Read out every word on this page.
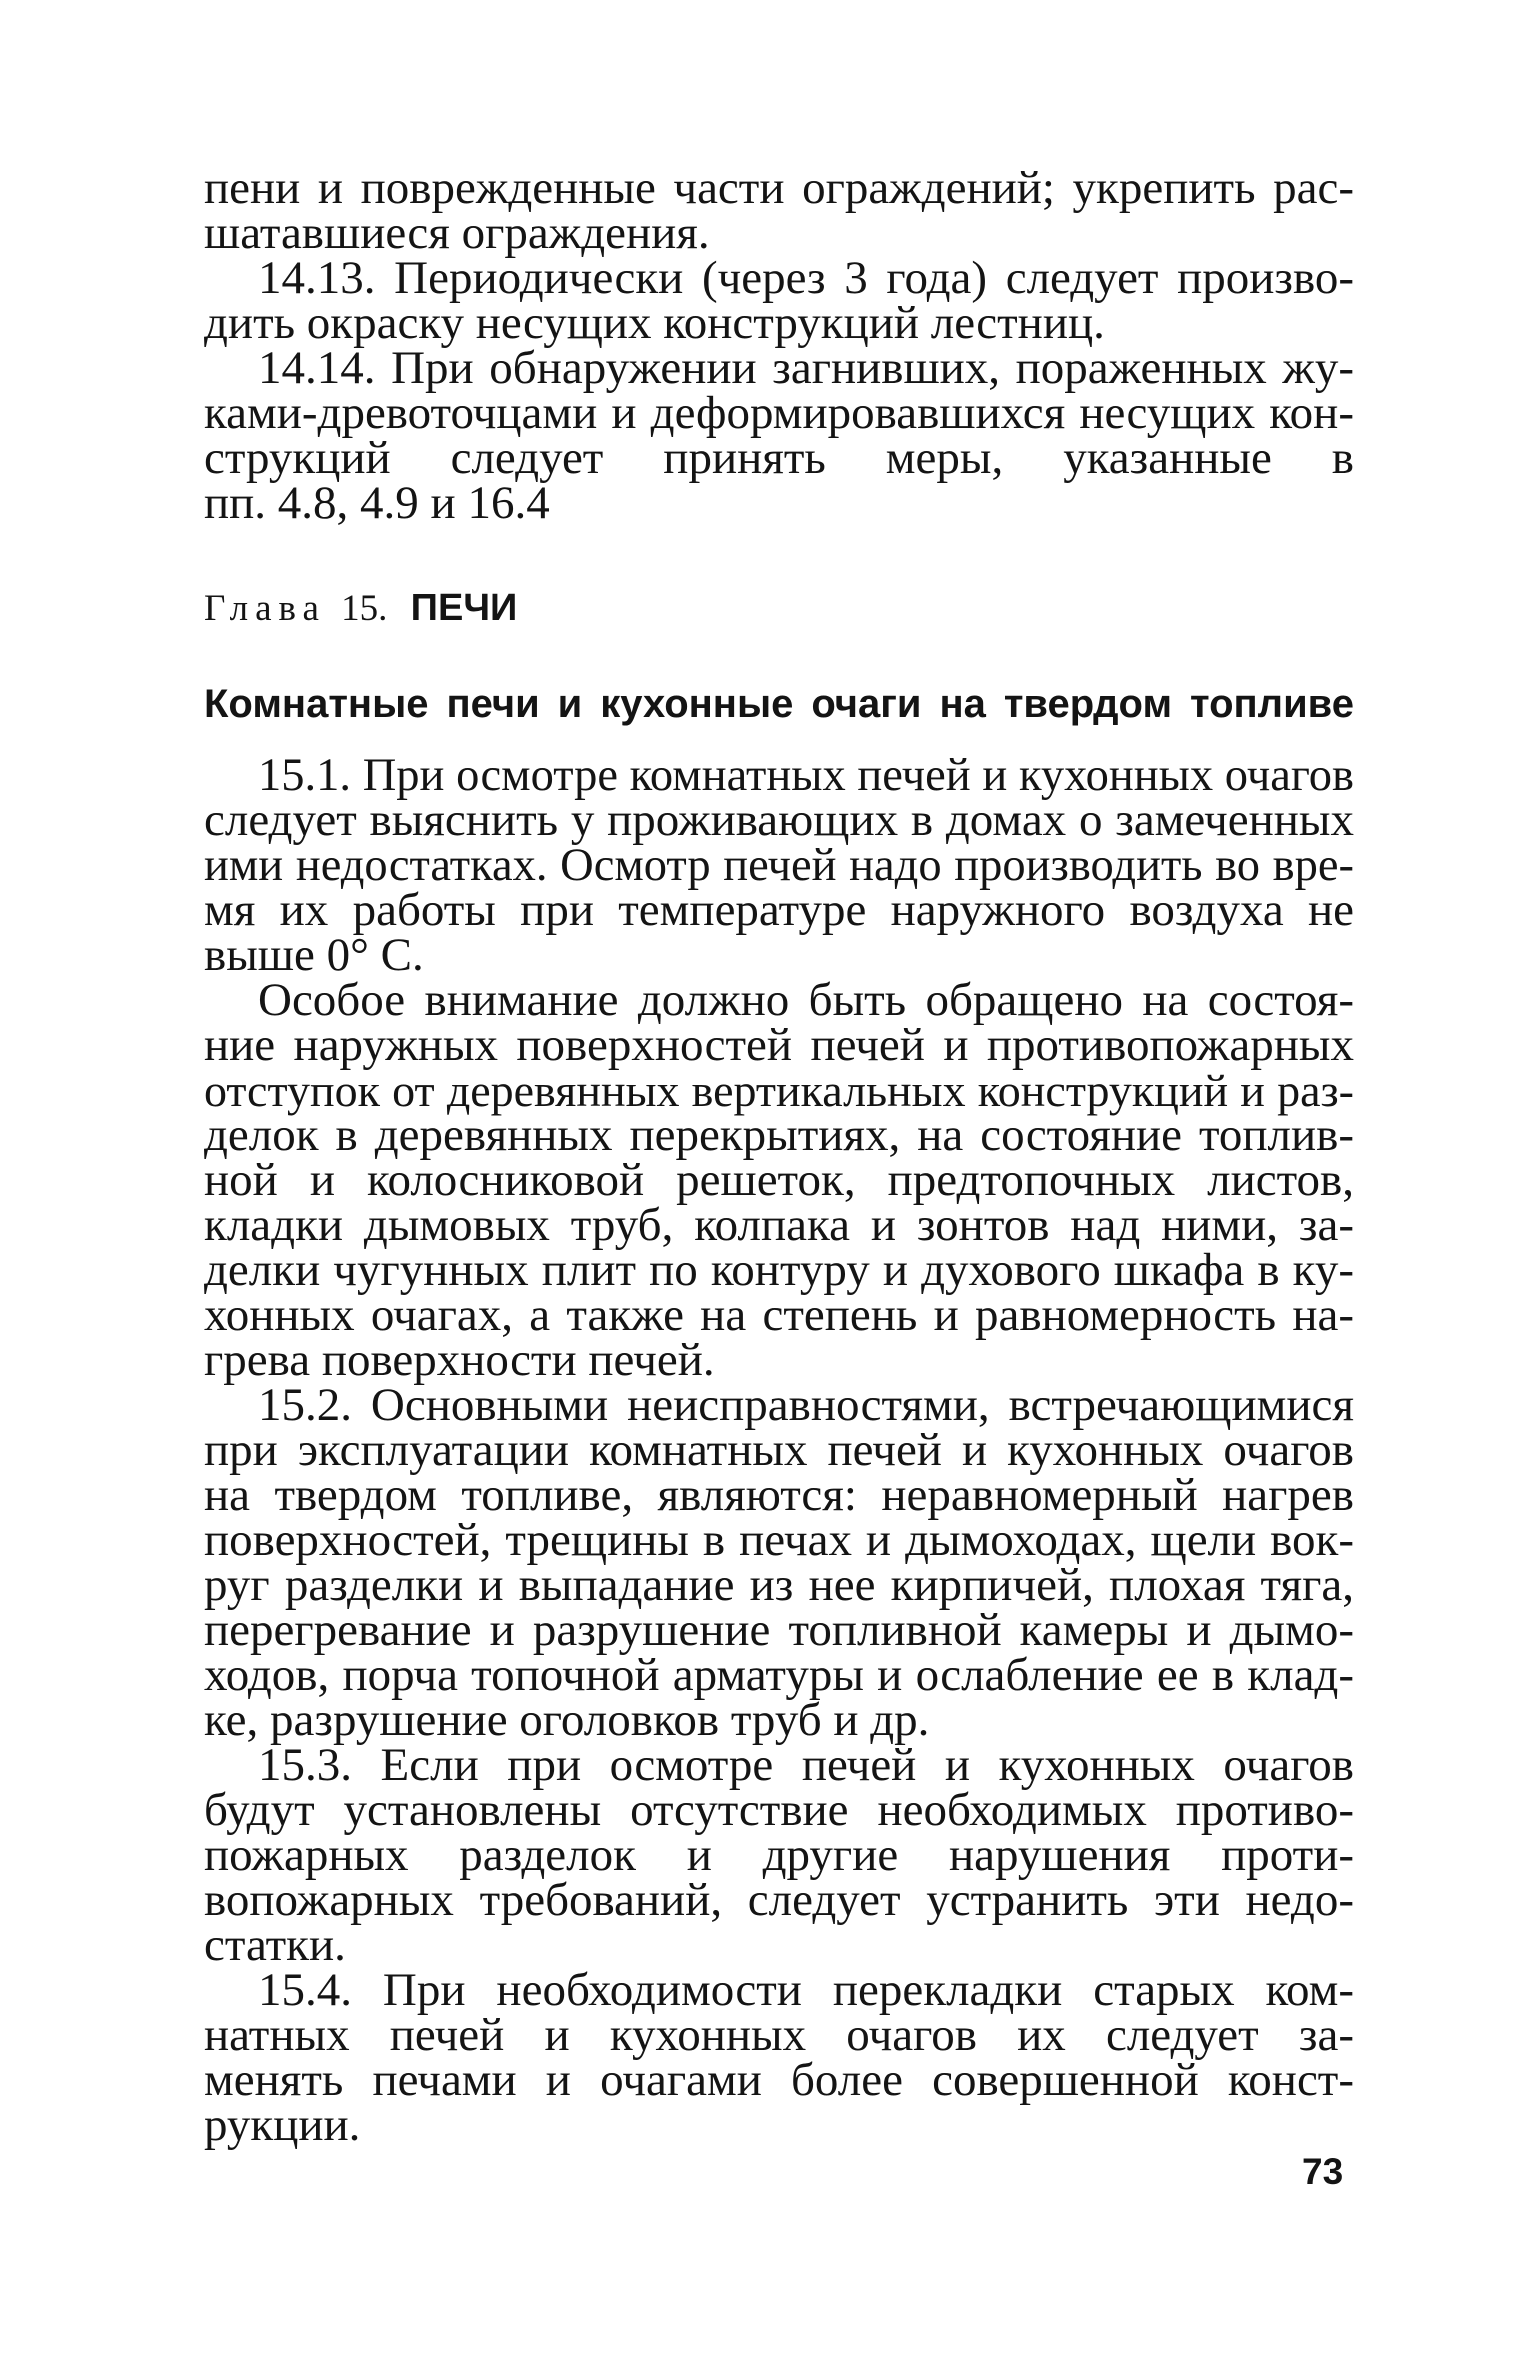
пени и поврежденные части ограждений; укрепить рас-
шатавшиеся ограждения.
14.13. Периодически (через 3 года) следует произво-
дить окраску несущих конструкций лестниц.
14.14. При обнаружении загнивших, пораженных жу-
ками-древоточцами и деформировавшихся несущих кон-
струкций следует принять меры, указанные в
пп. 4.8, 4.9 и 16.4
Глава 15. ПЕЧИ
Комнатные печи и кухонные очаги на твердом топливе
15.1. При осмотре комнатных печей и кухонных очагов
следует выяснить у проживающих в домах о замеченных
ими недостатках. Осмотр печей надо производить во вре-
мя их работы при температуре наружного воздуха не
выше 0° С.
Особое внимание должно быть обращено на состоя-
ние наружных поверхностей печей и противопожарных
отступок от деревянных вертикальных конструкций и раз-
делок в деревянных перекрытиях, на состояние топлив-
ной и колосниковой решеток, предтопочных листов,
кладки дымовых труб, колпака и зонтов над ними, за-
делки чугунных плит по контуру и духового шкафа в ку-
хонных очагах, а также на степень и равномерность на-
грева поверхности печей.
15.2. Основными неисправностями, встречающимися
при эксплуатации комнатных печей и кухонных очагов
на твердом топливе, являются: неравномерный нагрев
поверхностей, трещины в печах и дымоходах, щели вок-
руг разделки и выпадание из нее кирпичей, плохая тяга,
перегревание и разрушение топливной камеры и дымо-
ходов, порча топочной арматуры и ослабление ее в клад-
ке, разрушение оголовков труб и др.
15.3. Если при осмотре печей и кухонных очагов
будут установлены отсутствие необходимых противо-
пожарных разделок и другие нарушения проти-
вопожарных требований, следует устранить эти недо-
статки.
15.4. При необходимости перекладки старых ком-
натных печей и кухонных очагов их следует за-
менять печами и очагами более совершенной конст-
рукции.
73
